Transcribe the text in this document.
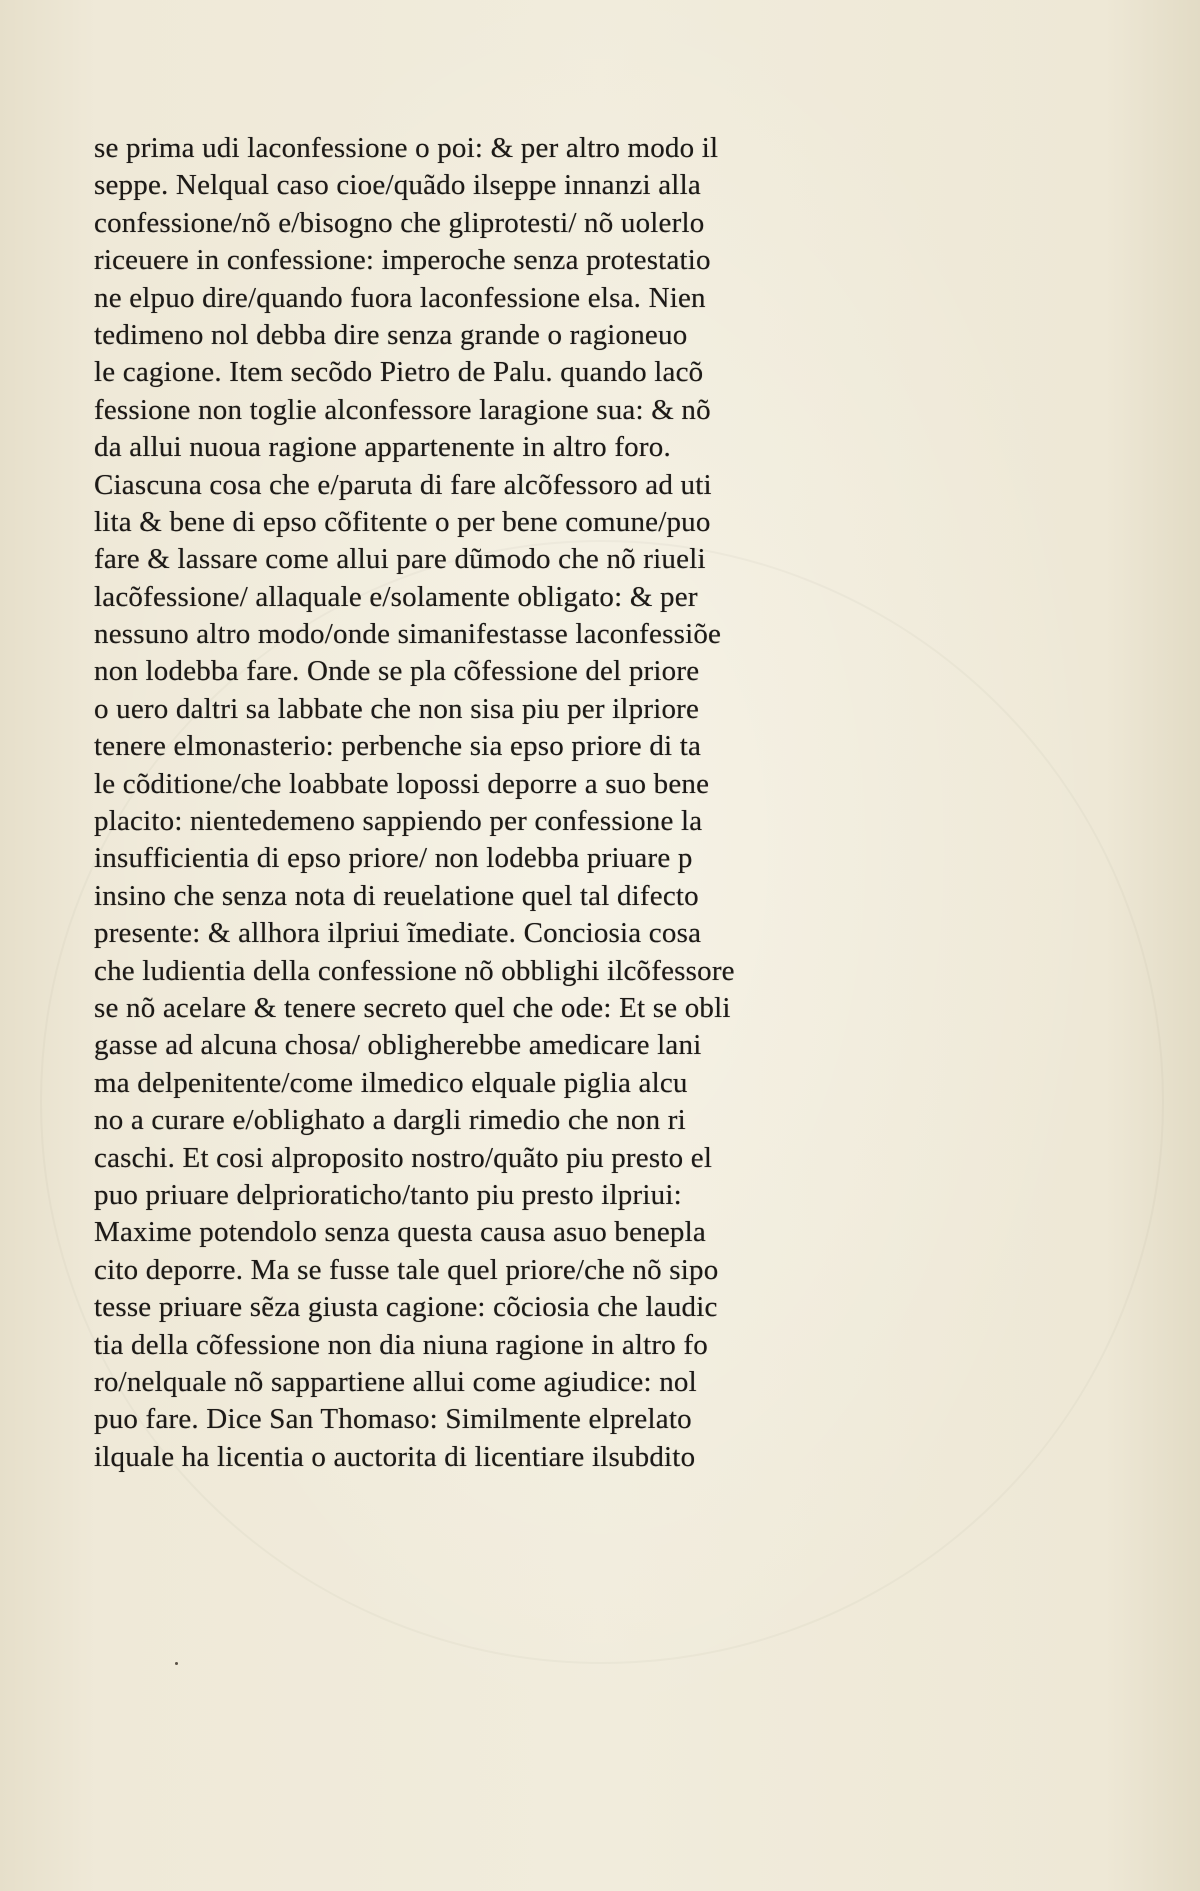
se prima udi laconfessione o poi: & per altro modo il
seppe. Nelqual caso cioe/quãdo ilseppe innanzi alla
confessione/nõ e/bisogno che gliprotesti/ nõ uolerlo
riceuere in confessione: imperoche senza protestatio
ne elpuo dire/quando fuora laconfessione elsa. Nien
tedimeno nol debba dire senza grande o ragioneuo
le cagione. Item secõdo Pietro de Palu. quando lacõ
fessione non toglie alconfessore laragione sua: & nõ
da allui nuoua ragione appartenente in altro foro.
Ciascuna cosa che e/paruta di fare alcõfessoro ad uti
lita & bene di epso cõfitente o per bene comune/puo
fare & lassare come allui pare dũmodo che nõ riueli
lacõfessione/ allaquale e/solamente obligato: & per
nessuno altro modo/onde simanifestasse laconfessiõe
non lodebba fare. Onde se pla cõfessione del priore
o uero daltri sa labbate che non sisa piu per ilpriore
tenere elmonasterio: perbenche sia epso priore di ta
le cõditione/che loabbate lopossi deporre a suo bene
placito: nientedemeno sappiendo per confessione la
insufficientia di epso priore/ non lodebba priuare p
insino che senza nota di reuelatione quel tal difecto
presente: & allhora ilpriui ĩmediate. Conciosia cosa
che ludientia della confessione nõ obblighi ilcõfessore
se nõ acelare & tenere secreto quel che ode: Et se obli
gasse ad alcuna chosa/ obligherebbe amedicare lani
ma delpenitente/come ilmedico elquale piglia alcu
no a curare e/oblighato a dargli rimedio che non ri
caschi. Et cosi alproposito nostro/quãto piu presto el
puo priuare delprioraticho/tanto piu presto ilpriui:
Maxime potendolo senza questa causa asuo benepla
cito deporre. Ma se fusse tale quel priore/che nõ sipo
tesse priuare sẽza giusta cagione: cõciosia che laudic
tia della cõfessione non dia niuna ragione in altro fo
ro/nelquale nõ sappartiene allui come agiudice: nol
puo fare. Dice San Thomaso: Similmente elprelato
ilquale ha licentia o auctorita di licentiare ilsubdito
